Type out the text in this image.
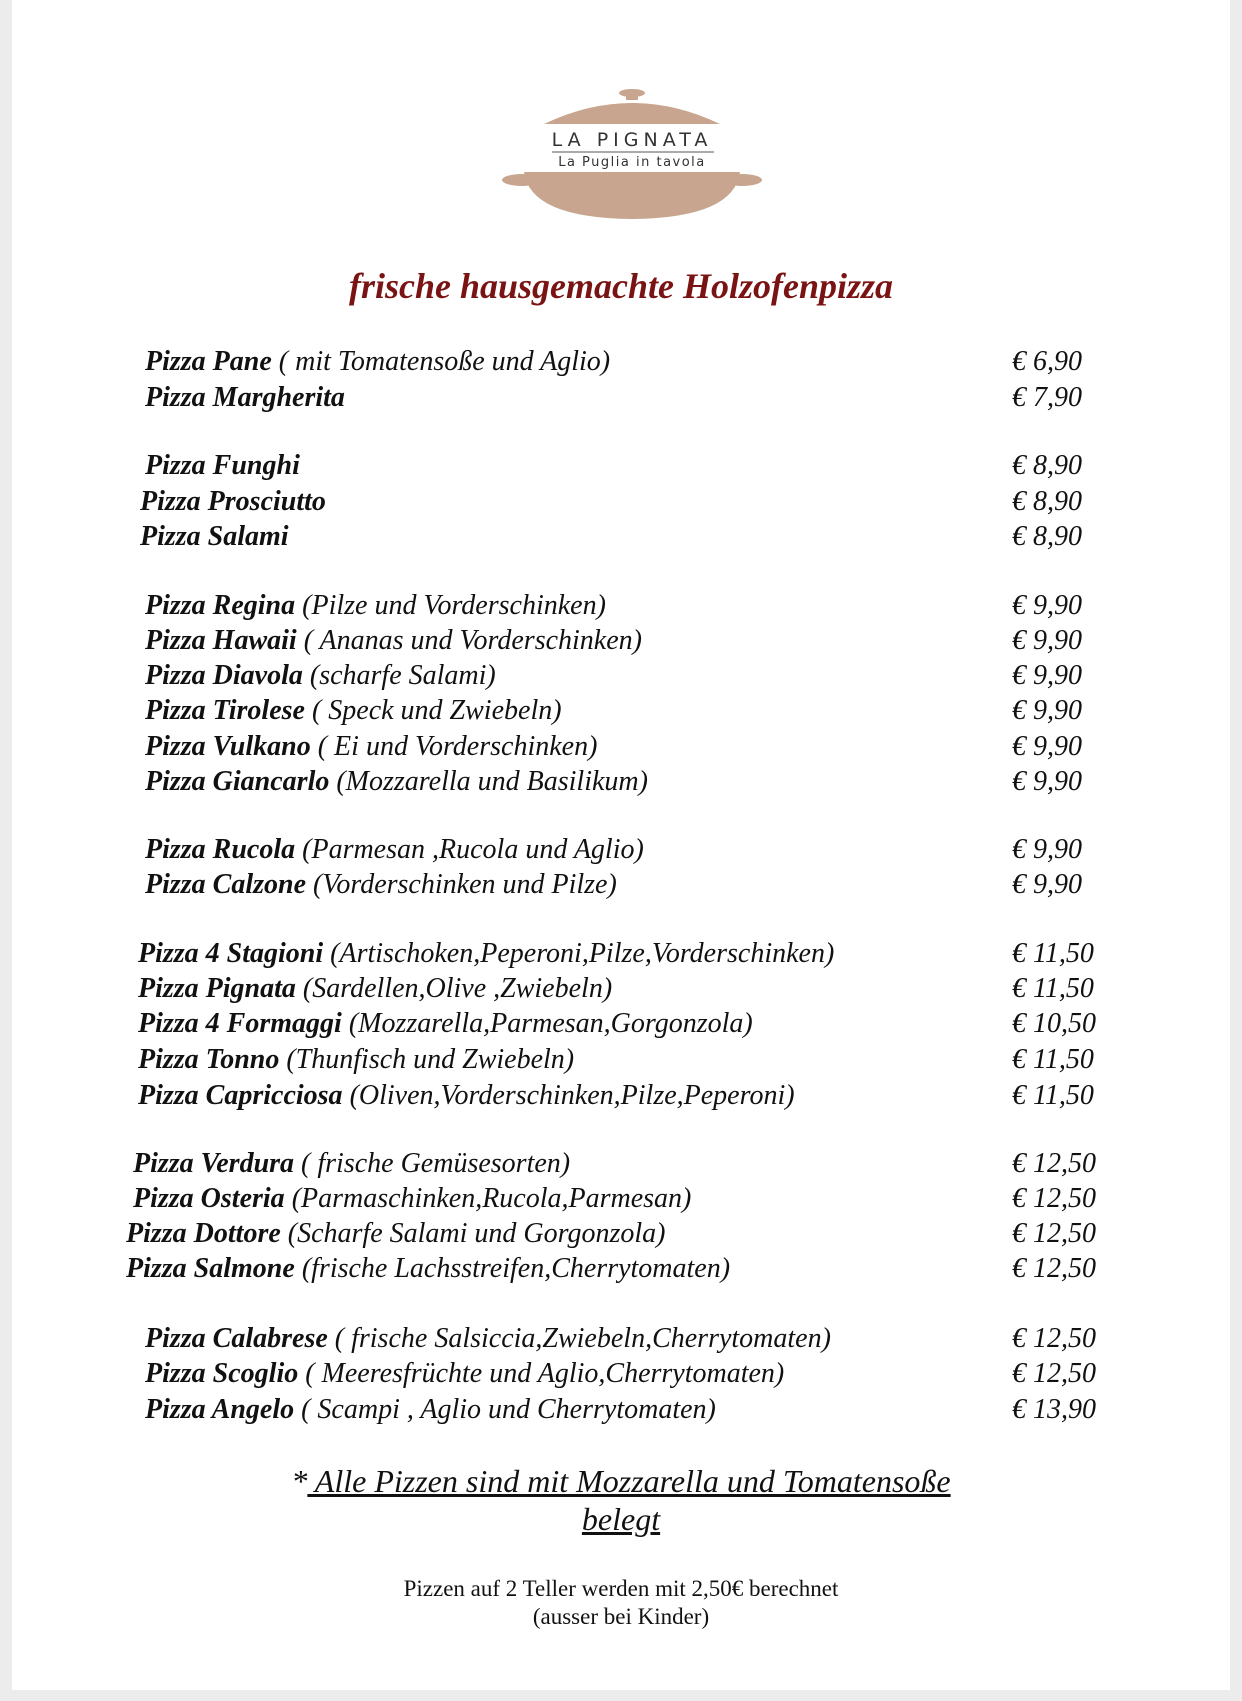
LA PIGNATA
La Puglia in tavola
frische hausgemachte Holzofenpizza
Pizza Pane ( mit Tomatensoße und Aglio)	€ 6,90
Pizza Margherita	€ 7,90
Pizza Funghi	€ 8,90
Pizza Prosciutto	€ 8,90
Pizza Salami	€ 8,90
Pizza Regina (Pilze und Vorderschinken)	€ 9,90
Pizza Hawaii ( Ananas und Vorderschinken)	€ 9,90
Pizza Diavola (scharfe Salami)	€ 9,90
Pizza Tirolese ( Speck und Zwiebeln)	€ 9,90
Pizza Vulkano ( Ei und Vorderschinken)	€ 9,90
Pizza Giancarlo (Mozzarella und Basilikum)	€ 9,90
Pizza Rucola (Parmesan ,Rucola und Aglio)	€ 9,90
Pizza Calzone (Vorderschinken und Pilze)	€ 9,90
Pizza 4 Stagioni (Artischoken,Peperoni,Pilze,Vorderschinken)	€ 11,50
Pizza Pignata (Sardellen,Olive ,Zwiebeln)	€ 11,50
Pizza 4 Formaggi (Mozzarella,Parmesan,Gorgonzola)	€ 10,50
Pizza Tonno (Thunfisch und Zwiebeln)	€ 11,50
Pizza Capricciosa (Oliven,Vorderschinken,Pilze,Peperoni)	€ 11,50
Pizza Verdura ( frische Gemüsesorten)	€ 12,50
Pizza Osteria (Parmaschinken,Rucola,Parmesan)	€ 12,50
Pizza Dottore (Scharfe Salami und Gorgonzola)	€ 12,50
Pizza Salmone (frische Lachsstreifen,Cherrytomaten)	€ 12,50
Pizza Calabrese ( frische Salsiccia,Zwiebeln,Cherrytomaten)	€ 12,50
Pizza Scoglio ( Meeresfrüchte und Aglio,Cherrytomaten)	€ 12,50
Pizza Angelo ( Scampi , Aglio und Cherrytomaten)	€ 13,90
* Alle Pizzen sind mit Mozzarella und Tomatensoße
belegt
Pizzen auf 2 Teller werden mit 2,50€ berechnet
(ausser bei Kinder)
